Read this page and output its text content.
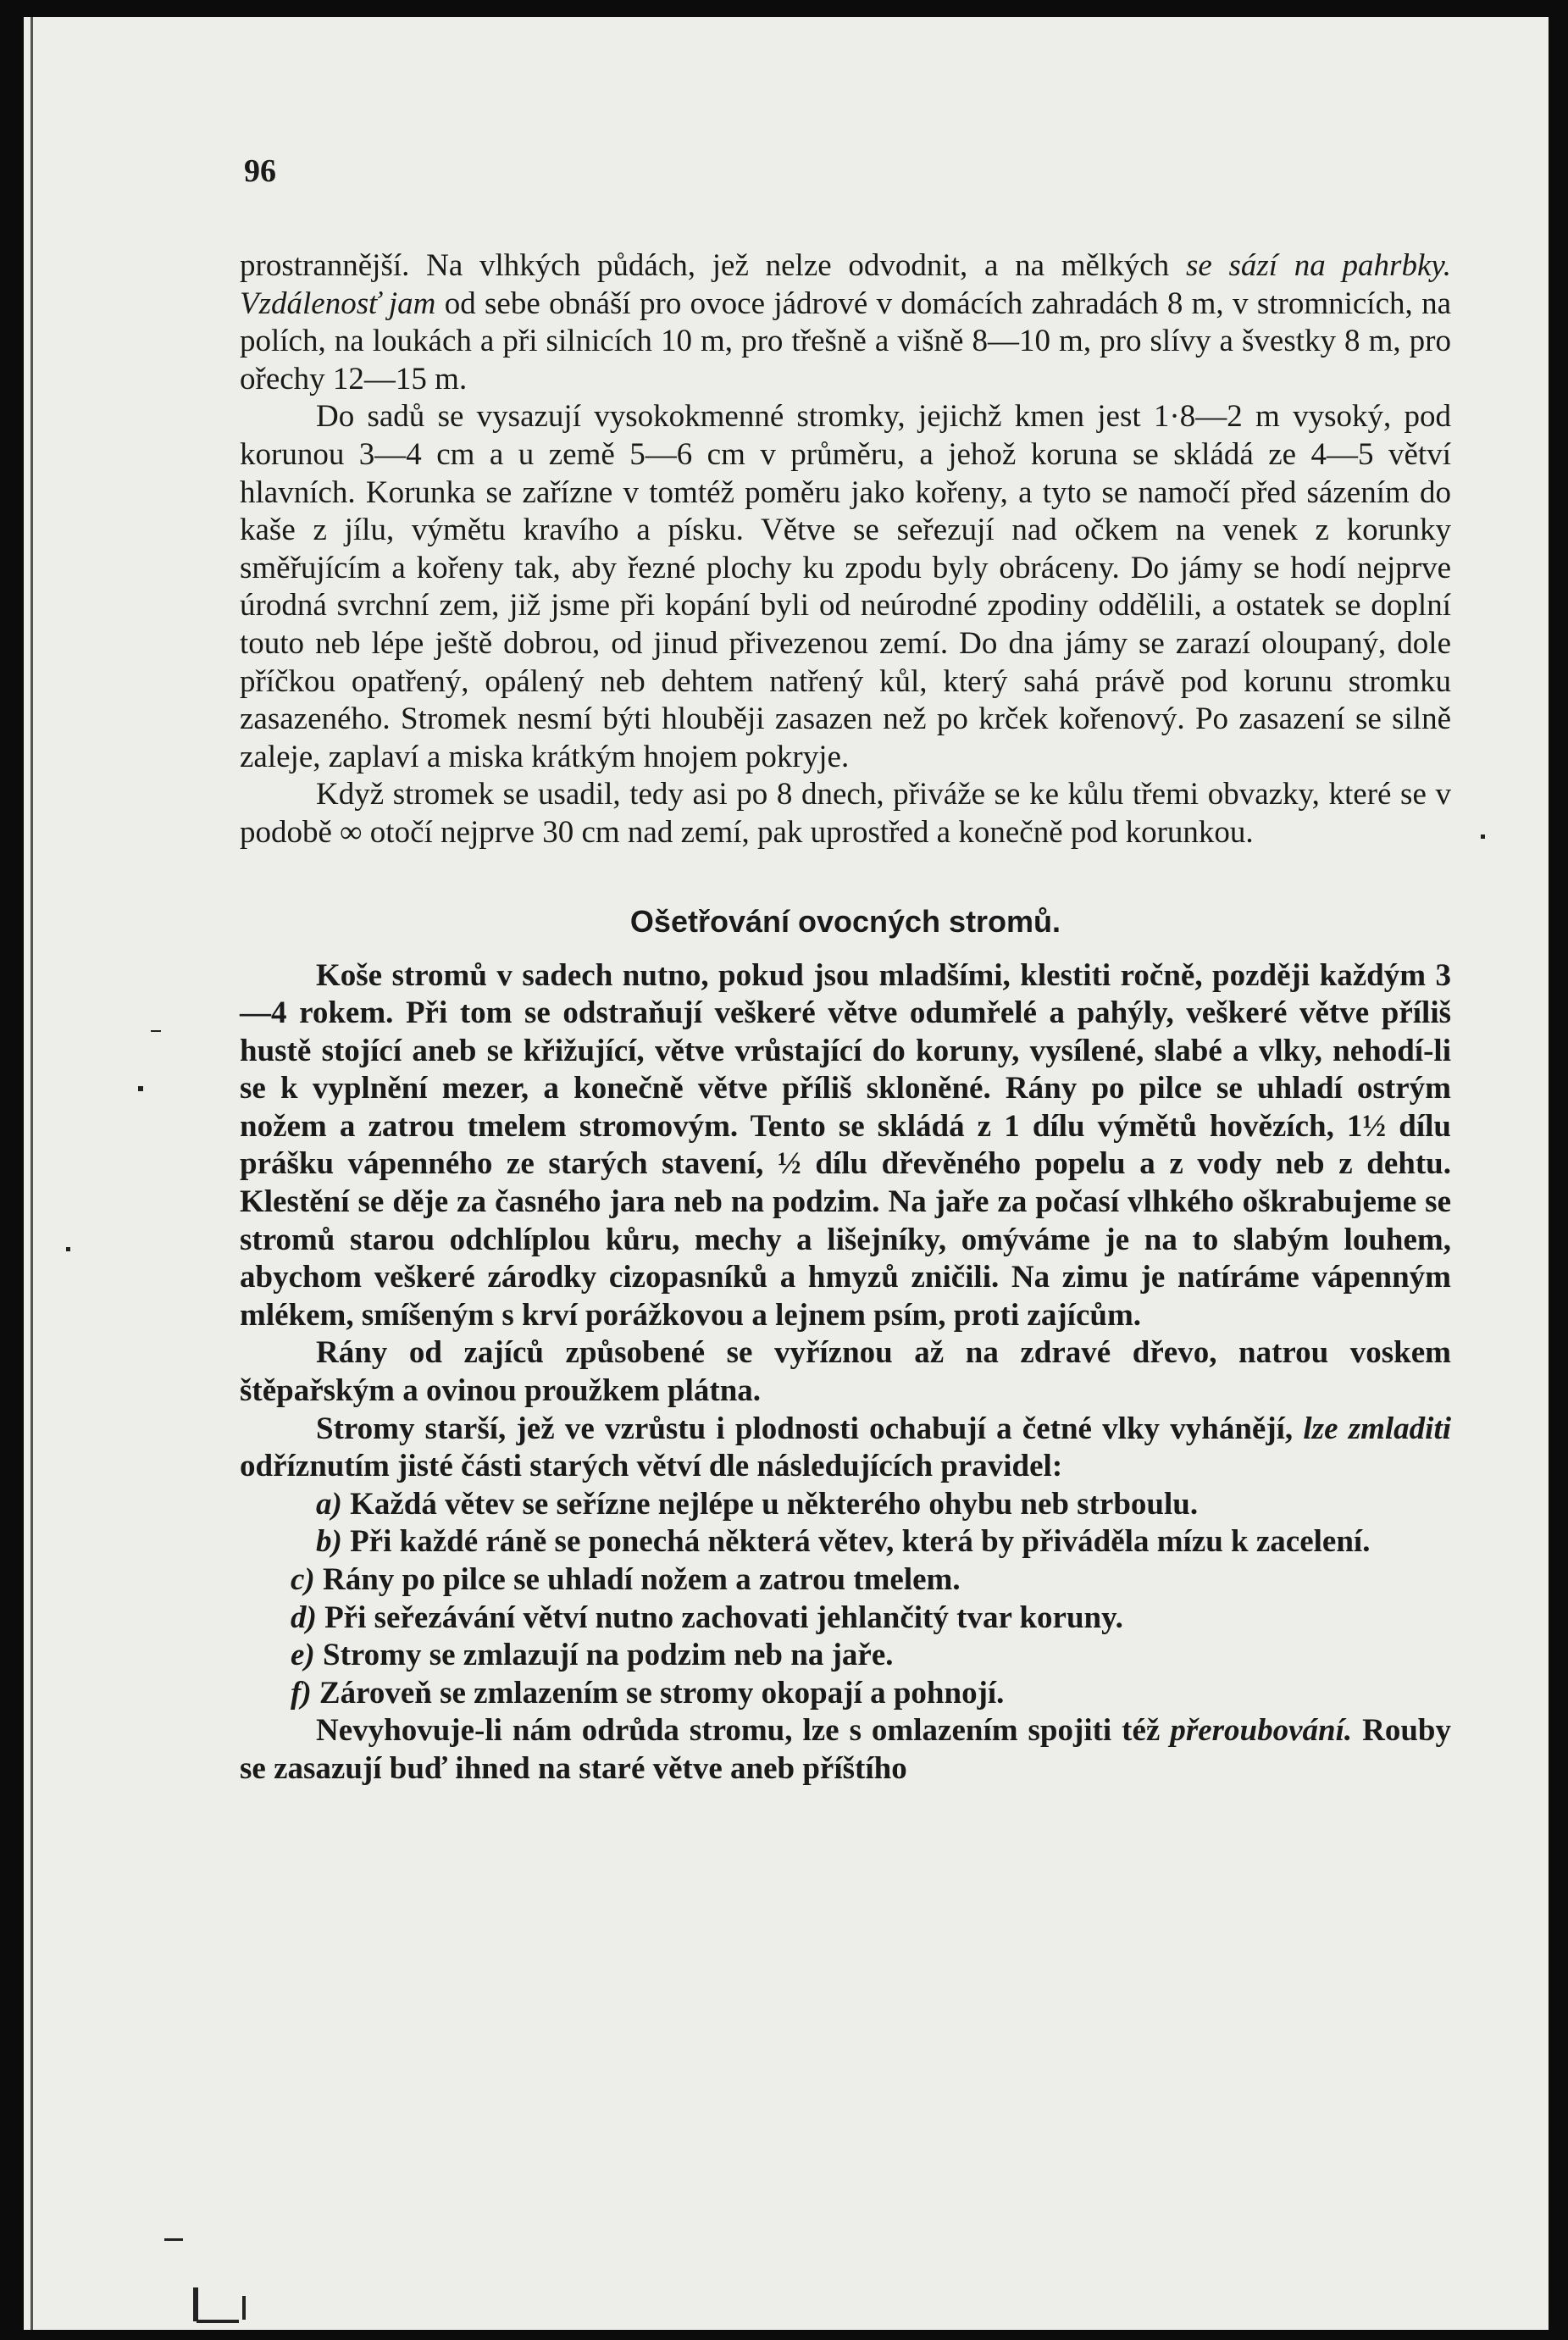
96

prostrannější. Na vlhkých půdách, jež nelze odvodnit, a na mělkých se sází na pahrbky. Vzdálenosť jam od sebe obnáší pro ovoce jádrové v domácích zahradách 8 m, v stromnicích, na polích, na loukách a při silnicích 10 m, pro třešně a višně 8—10 m, pro slívy a švestky 8 m, pro ořechy 12—15 m.

Do sadů se vysazují vysokokmenné stromky, jejichž kmen jest 1·8—2 m vysoký, pod korunou 3—4 cm a u země 5—6 cm v průměru, a jehož koruna se skládá ze 4—5 větví hlavních. Korunka se zařízne v tomtéž poměru jako kořeny, a tyto se namočí před sázením do kaše z jílu, výmětu kravího a písku. Větve se seřezují nad očkem na venek z korunky směřujícím a kořeny tak, aby řezné plochy ku zpodu byly obráceny. Do jámy se hodí nejprve úrodná svrchní zem, již jsme při kopání byli od neúrodné zpodiny oddělili, a ostatek se doplní touto neb lépe ještě dobrou, od jinud přivezenou zemí. Do dna jámy se zarazí oloupaný, dole příčkou opatřený, opálený neb dehtem natřený kůl, který sahá právě pod korunu stromku zasazeného. Stromek nesmí býti hlouběji zasazen než po krček kořenový. Po zasazení se silně zaleje, zaplaví a miska krátkým hnojem pokryje.

Když stromek se usadil, tedy asi po 8 dnech, přiváže se ke kůlu třemi obvazky, které se v podobě ∞ otočí nejprve 30 cm nad zemí, pak uprostřed a konečně pod korunkou.

Ošetřování ovocných stromů.

Koše stromů v sadech nutno, pokud jsou mladšími, klestiti ročně, později každým 3—4 rokem. Při tom se odstraňují veškeré větve odumřelé a pahýly, veškeré větve příliš hustě stojící aneb se křižující, větve vrůstající do koruny, vysílené, slabé a vlky, nehodí-li se k vyplnění mezer, a konečně větve příliš skloněné. Rány po pilce se uhladí ostrým nožem a zatrou tmelem stromovým. Tento se skládá z 1 dílu výmětů hovězích, 1½ dílu prášku vápenného ze starých stavení, ½ dílu dřevěného popelu a z vody neb z dehtu. Klestění se děje za časného jara neb na podzim. Na jaře za počasí vlhkého oškrabujeme se stromů starou odchlíplou kůru, mechy a lišejníky, omýváme je na to slabým louhem, abychom veškeré zárodky cizopasníků a hmyzů zničili. Na zimu je natíráme vápenným mlékem, smíšeným s krví porážkovou a lejnem psím, proti zajícům.

Rány od zajíců způsobené se vyříznou až na zdravé dřevo, natrou voskem štěpařským a ovinou proužkem plátna.

Stromy starší, jež ve vzrůstu i plodnosti ochabují a četné vlky vyhánějí, lze zmladiti odříznutím jisté části starých větví dle následujících pravidel:

a) Každá větev se seřízne nejlépe u některého ohybu neb strboulu.

b) Při každé ráně se ponechá některá větev, která by přiváděla mízu k zacelení.

c) Rány po pilce se uhladí nožem a zatrou tmelem.

d) Při seřezávání větví nutno zachovati jehlančitý tvar koruny.

e) Stromy se zmlazují na podzim neb na jaře.

f) Zároveň se zmlazením se stromy okopají a pohnojí.

Nevyhovuje-li nám odrůda stromu, lze s omlazením spojiti též přeroubování. Rouby se zasazují buď ihned na staré větve aneb příštího
